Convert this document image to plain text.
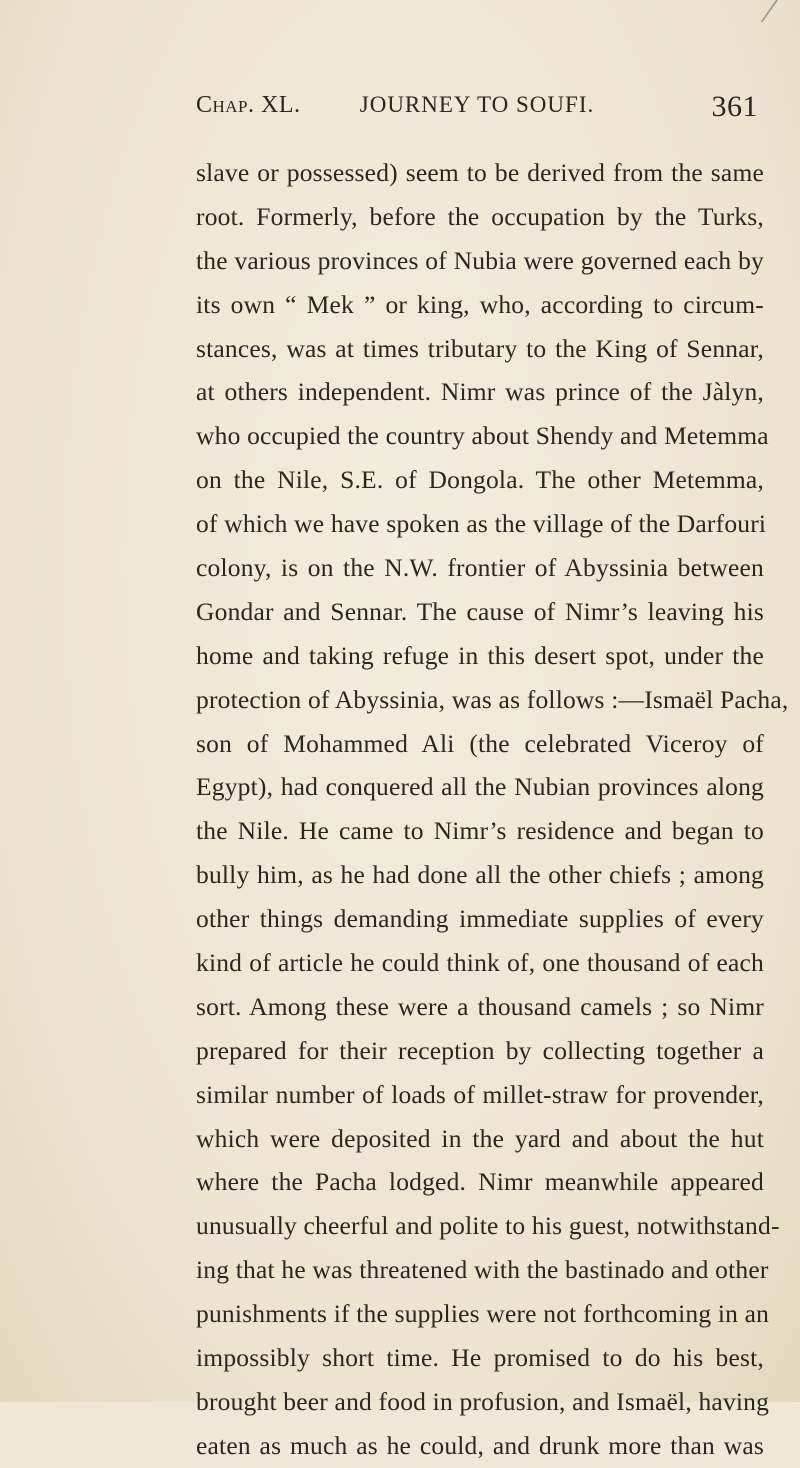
Chap. XL.	JOURNEY TO SOUFI.	361
slave or possessed) seem to be derived from the same
root. Formerly, before the occupation by the Turks,
the various provinces of Nubia were governed each by
its own “ Mek ” or king, who, according to circum-
stances, was at times tributary to the King of Sennar,
at others independent. Nimr was prince of the Jàlyn,
who occupied the country about Shendy and Metemma
on the Nile, S.E. of Dongola. The other Metemma,
of which we have spoken as the village of the Darfouri
colony, is on the N.W. frontier of Abyssinia between
Gondar and Sennar. The cause of Nimr’s leaving his
home and taking refuge in this desert spot, under the
protection of Abyssinia, was as follows :—Ismaël Pacha,
son of Mohammed Ali (the celebrated Viceroy of
Egypt), had conquered all the Nubian provinces along
the Nile. He came to Nimr’s residence and began to
bully him, as he had done all the other chiefs ; among
other things demanding immediate supplies of every
kind of article he could think of, one thousand of each
sort. Among these were a thousand camels ; so Nimr
prepared for their reception by collecting together a
similar number of loads of millet-straw for provender,
which were deposited in the yard and about the hut
where the Pacha lodged. Nimr meanwhile appeared
unusually cheerful and polite to his guest, notwithstand-
ing that he was threatened with the bastinado and other
punishments if the supplies were not forthcoming in an
impossibly short time. He promised to do his best,
brought beer and food in profusion, and Ismaël, having
eaten as much as he could, and drunk more than was
